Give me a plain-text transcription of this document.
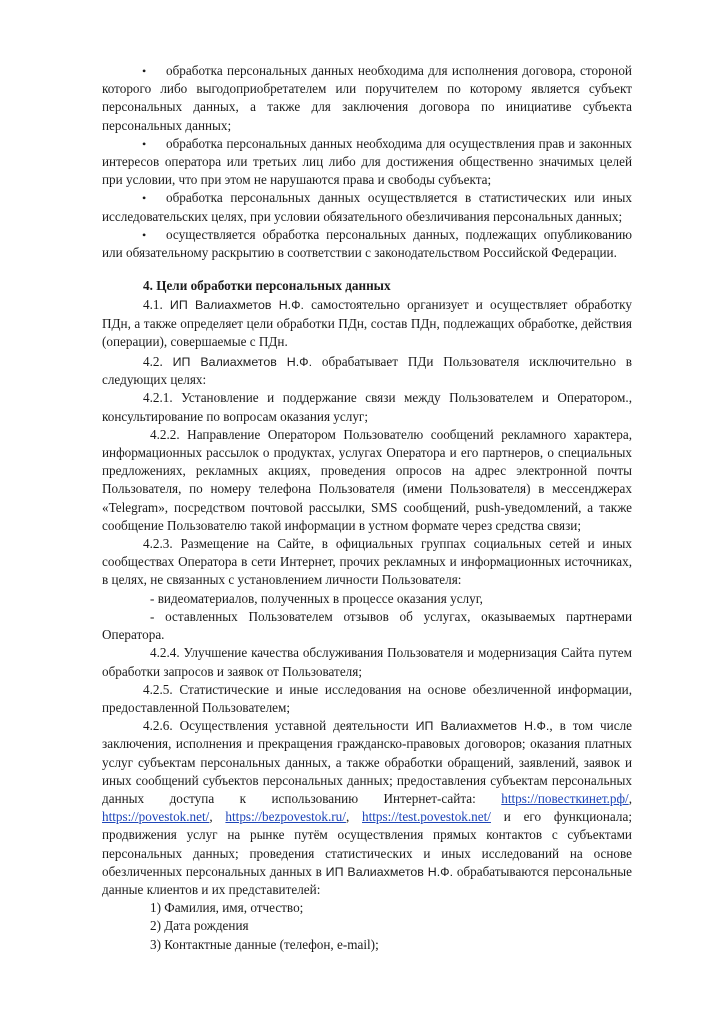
• обработка персональных данных необходима для исполнения договора, стороной которого либо выгодоприобретателем или поручителем по которому является субъект персональных данных, а также для заключения договора по инициативе субъекта персональных данных;

• обработка персональных данных необходима для осуществления прав и законных интересов оператора или третьих лиц либо для достижения общественно значимых целей при условии, что при этом не нарушаются права и свободы субъекта;

• обработка персональных данных осуществляется в статистических или иных исследовательских целях, при условии обязательного обезличивания персональных данных;

• осуществляется обработка персональных данных, подлежащих опубликованию или обязательному раскрытию в соответствии с законодательством Российской Федерации.

4. Цели обработки персональных данных

4.1. ИП Валиахметов Н.Ф. самостоятельно организует и осуществляет обработку ПДн, а также определяет цели обработки ПДн, состав ПДн, подлежащих обработке, действия (операции), совершаемые с ПДн.

4.2. ИП Валиахметов Н.Ф. обрабатывает ПДи Пользователя исключительно в следующих целях:

4.2.1. Установление и поддержание связи между Пользователем и Оператором., консультирование по вопросам оказания услуг;

4.2.2. Направление Оператором Пользователю сообщений рекламного характера, информационных рассылок о продуктах, услугах Оператора и его партнеров, о специальных предложениях, рекламных акциях, проведения опросов на адрес электронной почты Пользователя, по номеру телефона Пользователя (имени Пользователя) в мессенджерах «Telegram», посредством почтовой рассылки, SMS сообщений, push-уведомлений, а также сообщение Пользователю такой информации в устном формате через средства связи;

4.2.3. Размещение на Сайте, в официальных группах социальных сетей и иных сообществах Оператора в сети Интернет, прочих рекламных и информационных источниках, в целях, не связанных с установлением личности Пользователя:

- видеоматериалов, полученных в процессе оказания услуг,

- оставленных Пользователем отзывов об услугах, оказываемых партнерами Оператора.

4.2.4. Улучшение качества обслуживания Пользователя и модернизация Сайта путем обработки запросов и заявок от Пользователя;

4.2.5. Статистические и иные исследования на основе обезличенной информации, предоставленной Пользователем;

4.2.6. Осуществления уставной деятельности ИП Валиахметов Н.Ф., в том числе заключения, исполнения и прекращения гражданско-правовых договоров; оказания платных услуг субъектам персональных данных, а также обработки обращений, заявлений, заявок и иных сообщений субъектов персональных данных; предоставления субъектам персональных данных доступа к использованию Интернет-сайта: https://повесткинет.рф/, https://povestok.net/, https://bezpovestok.ru/, https://test.povestok.net/ и его функционала; продвижения услуг на рынке путём осуществления прямых контактов с субъектами персональных данных; проведения статистических и иных исследований на основе обезличенных персональных данных в ИП Валиахметов Н.Ф. обрабатываются персональные данные клиентов и их представителей:

1) Фамилия, имя, отчество;

2) Дата рождения

3) Контактные данные (телефон, e-mail);
